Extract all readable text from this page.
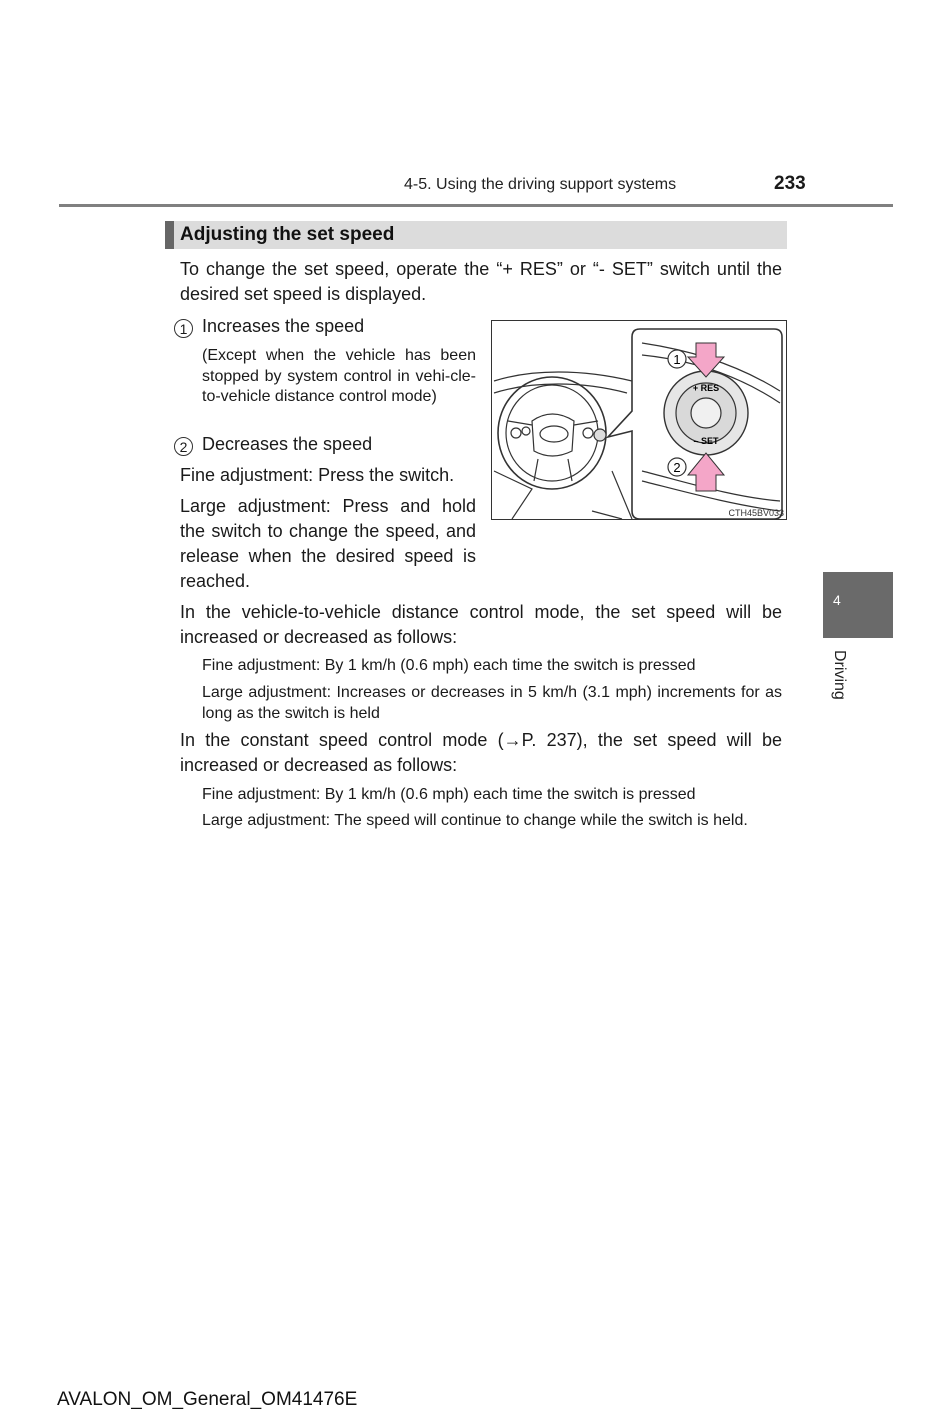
4-5. Using the driving support systems	233
Adjusting the set speed
To change the set speed, operate the “+ RES” or “- SET” switch until the desired set speed is displayed.
1 Increases the speed
(Except when the vehicle has been stopped by system control in vehi-cle-to-vehicle distance control mode)
2 Decreases the speed
Fine adjustment: Press the switch.
Large adjustment: Press and hold the switch to change the speed, and release when the desired speed is reached.
1
2
+ RES
– SET
CTH45BV033
In the vehicle-to-vehicle distance control mode, the set speed will be increased or decreased as follows:
Fine adjustment: By 1 km/h (0.6 mph) each time the switch is pressed
Large adjustment: Increases or decreases in 5 km/h (3.1 mph) increments for as long as the switch is held
In the constant speed control mode (→P. 237), the set speed will be increased or decreased as follows:
Fine adjustment: By 1 km/h (0.6 mph) each time the switch is pressed
Large adjustment: The speed will continue to change while the switch is held.
4
Driving
AVALON_OM_General_OM41476E
